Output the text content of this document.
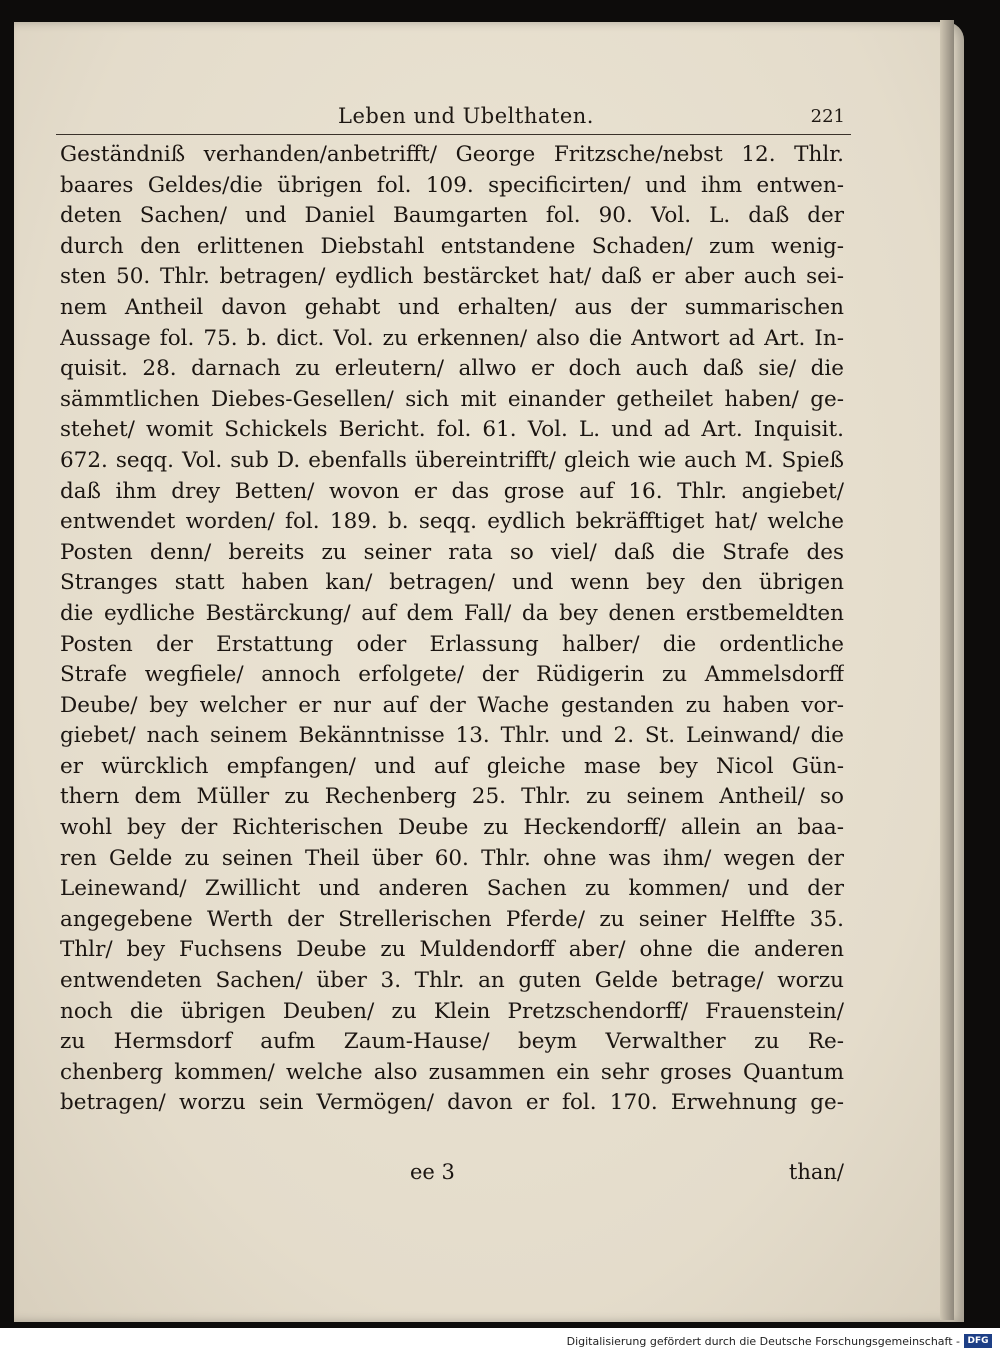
Leben und Ubelthaten.	221
Geständniß verhanden/anbetrifft/ George Fritzsche/nebst 12. Thlr.
baares Geldes/die übrigen fol. 109. specificirten/ und ihm entwen-
deten Sachen/ und Daniel Baumgarten fol. 90. Vol. L. daß der
durch den erlittenen Diebstahl entstandene Schaden/ zum wenig-
sten 50. Thlr. betragen/ eydlich bestärcket hat/ daß er aber auch sei-
nem Antheil davon gehabt und erhalten/ aus der summarischen
Aussage fol. 75. b. dict. Vol. zu erkennen/ also die Antwort ad Art. In-
quisit. 28. darnach zu erleutern/ allwo er doch auch daß sie/ die
sämmtlichen Diebes-Gesellen/ sich mit einander getheilet haben/ ge-
stehet/ womit Schickels Bericht. fol. 61. Vol. L. und ad Art. Inquisit.
672. seqq. Vol. sub D. ebenfalls übereintrifft/ gleich wie auch M. Spieß
daß ihm drey Betten/ wovon er das grose auf 16. Thlr. angiebet/
entwendet worden/ fol. 189. b. seqq. eydlich bekräfftiget hat/ welche
Posten denn/ bereits zu seiner rata so viel/ daß die Strafe des
Stranges statt haben kan/ betragen/ und wenn bey den übrigen
die eydliche Bestärckung/ auf dem Fall/ da bey denen erstbemeldten
Posten der Erstattung oder Erlassung halber/ die ordentliche
Strafe wegfiele/ annoch erfolgete/ der Rüdigerin zu Ammelsdorff
Deube/ bey welcher er nur auf der Wache gestanden zu haben vor-
giebet/ nach seinem Bekänntnisse 13. Thlr. und 2. St. Leinwand/ die
er würcklich empfangen/ und auf gleiche mase bey Nicol Gün-
thern dem Müller zu Rechenberg 25. Thlr. zu seinem Antheil/ so
wohl bey der Richterischen Deube zu Heckendorff/ allein an baa-
ren Gelde zu seinen Theil über 60. Thlr. ohne was ihm/ wegen der
Leinewand/ Zwillicht und anderen Sachen zu kommen/ und der
angegebene Werth der Strellerischen Pferde/ zu seiner Helffte 35.
Thlr/ bey Fuchsens Deube zu Muldendorff aber/ ohne die anderen
entwendeten Sachen/ über 3. Thlr. an guten Gelde betrage/ worzu
noch die übrigen Deuben/ zu Klein Pretzschendorff/ Frauenstein/
zu Hermsdorf aufm Zaum-Hause/ beym Verwalther zu Re-
chenberg kommen/ welche also zusammen ein sehr groses Quantum
betragen/ worzu sein Vermögen/ davon er fol. 170. Erwehnung ge-
ee 3	than/
Digitalisierung gefördert durch die Deutsche Forschungsgemeinschaft - DFG
